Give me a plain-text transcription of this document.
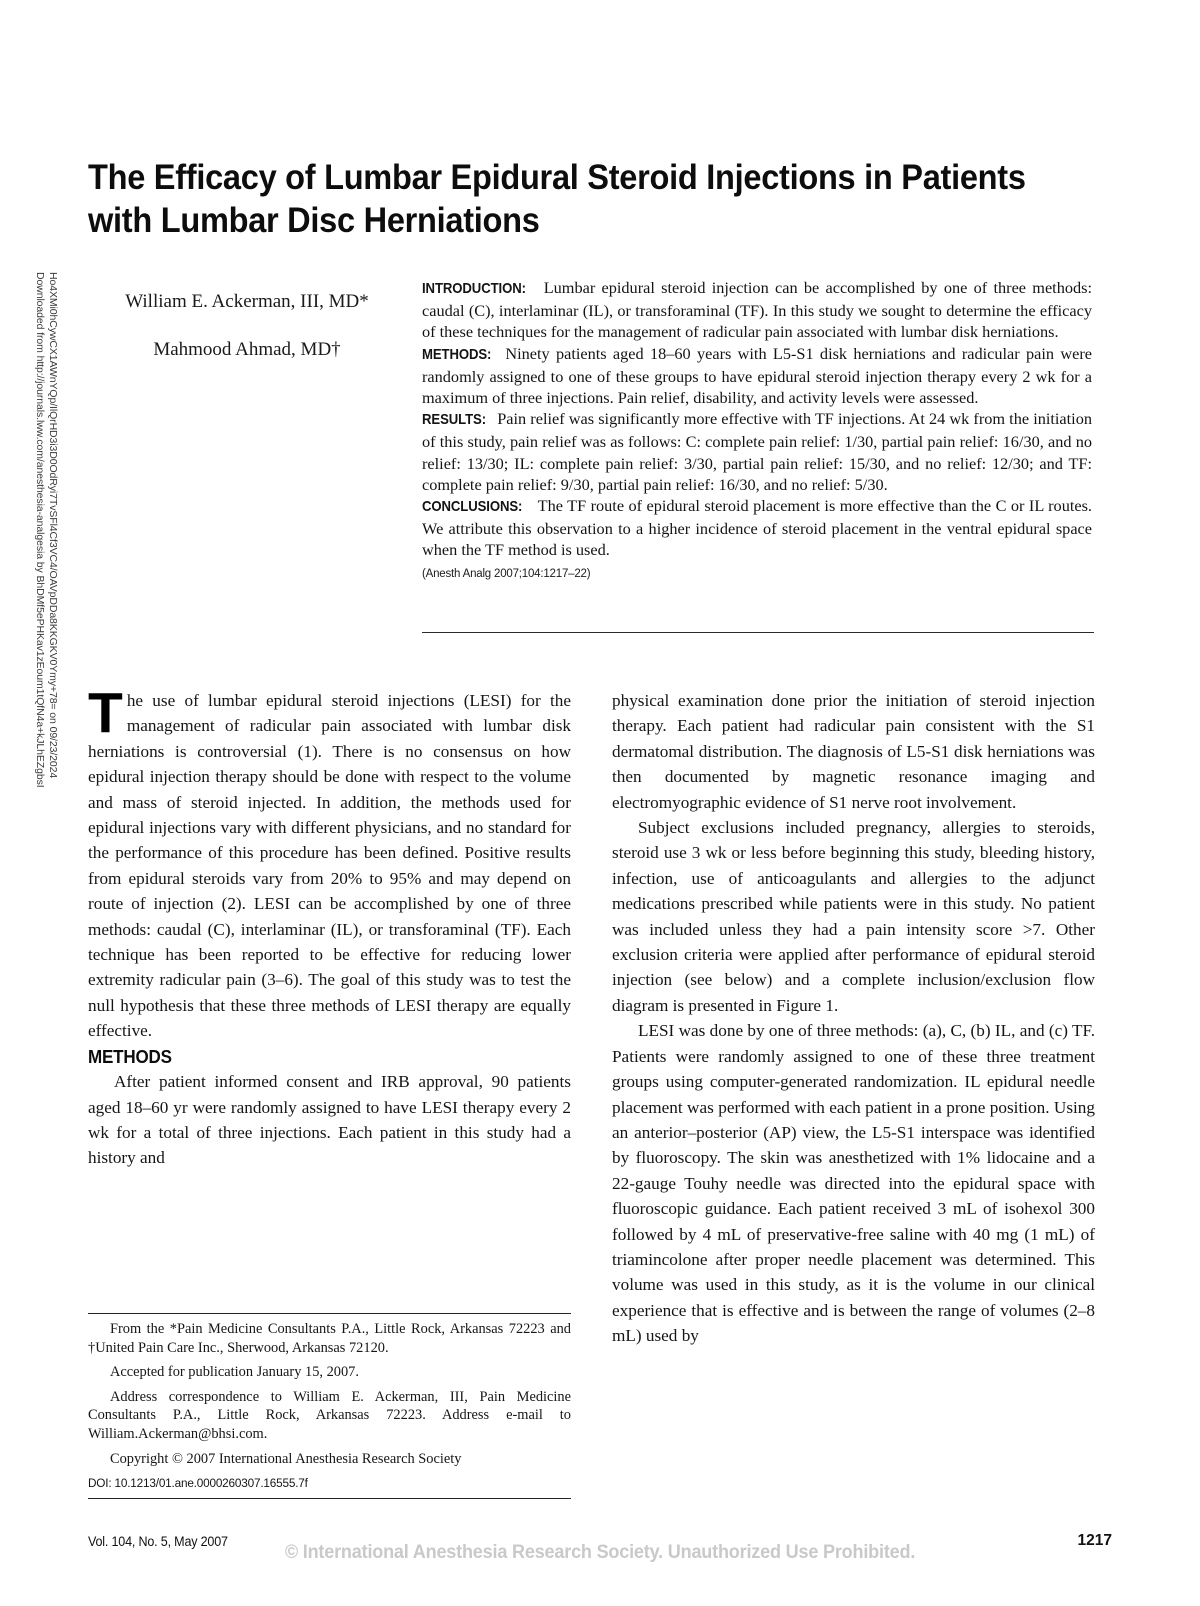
Downloaded from http://journals.lww.com/anesthesia-analgesia by BhDMf5ePHKav1zEoum1tQfN4a+kJLhEZgbsI Ho4XMi0hCywCX1AWnYQp/IlQrHD3i3D0OdRyi7TvSFl4Cf3VC4/OAVpDDa8KKGKV0Ymy+78= on 09/23/2024
The Efficacy of Lumbar Epidural Steroid Injections in Patients with Lumbar Disc Herniations
William E. Ackerman, III, MD*
Mahmood Ahmad, MD†

INTRODUCTION: Lumbar epidural steroid injection can be accomplished by one of three methods: caudal (C), interlaminar (IL), or transforaminal (TF). In this study we sought to determine the efficacy of these techniques for the management of radicular pain associated with lumbar disk herniations.

METHODS: Ninety patients aged 18–60 years with L5-S1 disk herniations and radicular pain were randomly assigned to one of these groups to have epidural steroid injection therapy every 2 wk for a maximum of three injections. Pain relief, disability, and activity levels were assessed.

RESULTS: Pain relief was significantly more effective with TF injections. At 24 wk from the initiation of this study, pain relief was as follows: C: complete pain relief: 1/30, partial pain relief: 16/30, and no relief: 13/30; IL: complete pain relief: 3/30, partial pain relief: 15/30, and no relief: 12/30; and TF: complete pain relief: 9/30, partial pain relief: 16/30, and no relief: 5/30.

CONCLUSIONS: The TF route of epidural steroid placement is more effective than the C or IL routes. We attribute this observation to a higher incidence of steroid placement in the ventral epidural space when the TF method is used.

(Anesth Analg 2007;104:1217–22)

The use of lumbar epidural steroid injections (LESI) for the management of radicular pain associated with lumbar disk herniations is controversial (1). There is no consensus on how epidural injection therapy should be done with respect to the volume and mass of steroid injected. In addition, the methods used for epidural injections vary with different physicians, and no standard for the performance of this procedure has been defined. Positive results from epidural steroids vary from 20% to 95% and may depend on route of injection (2). LESI can be accomplished by one of three methods: caudal (C), interlaminar (IL), or transforaminal (TF). Each technique has been reported to be effective for reducing lower extremity radicular pain (3–6). The goal of this study was to test the null hypothesis that these three methods of LESI therapy are equally effective.

METHODS

After patient informed consent and IRB approval, 90 patients aged 18–60 yr were randomly assigned to have LESI therapy every 2 wk for a total of three injections. Each patient in this study had a history and

physical examination done prior the initiation of steroid injection therapy. Each patient had radicular pain consistent with the S1 dermatomal distribution. The diagnosis of L5-S1 disk herniations was then documented by magnetic resonance imaging and electromyographic evidence of S1 nerve root involvement.

Subject exclusions included pregnancy, allergies to steroids, steroid use 3 wk or less before beginning this study, bleeding history, infection, use of anticoagulants and allergies to the adjunct medications prescribed while patients were in this study. No patient was included unless they had a pain intensity score >7. Other exclusion criteria were applied after performance of epidural steroid injection (see below) and a complete inclusion/exclusion flow diagram is presented in Figure 1.

LESI was done by one of three methods: (a), C, (b) IL, and (c) TF. Patients were randomly assigned to one of these three treatment groups using computer-generated randomization. IL epidural needle placement was performed with each patient in a prone position. Using an anterior–posterior (AP) view, the L5-S1 interspace was identified by fluoroscopy. The skin was anesthetized with 1% lidocaine and a 22-gauge Touhy needle was directed into the epidural space with fluoroscopic guidance. Each patient received 3 mL of isohexol 300 followed by 4 mL of preservative-free saline with 40 mg (1 mL) of triamincolone after proper needle placement was determined. This volume was used in this study, as it is the volume in our clinical experience that is effective and is between the range of volumes (2–8 mL) used by

From the *Pain Medicine Consultants P.A., Little Rock, Arkansas 72223 and †United Pain Care Inc., Sherwood, Arkansas 72120.

Accepted for publication January 15, 2007.

Address correspondence to William E. Ackerman, III, Pain Medicine Consultants P.A., Little Rock, Arkansas 72223. Address e-mail to William.Ackerman@bhsi.com.

Copyright © 2007 International Anesthesia Research Society

DOI: 10.1213/01.ane.0000260307.16555.7f

Vol. 104, No. 5, May 2007
© International Anesthesia Research Society. Unauthorized Use Prohibited.
1217
